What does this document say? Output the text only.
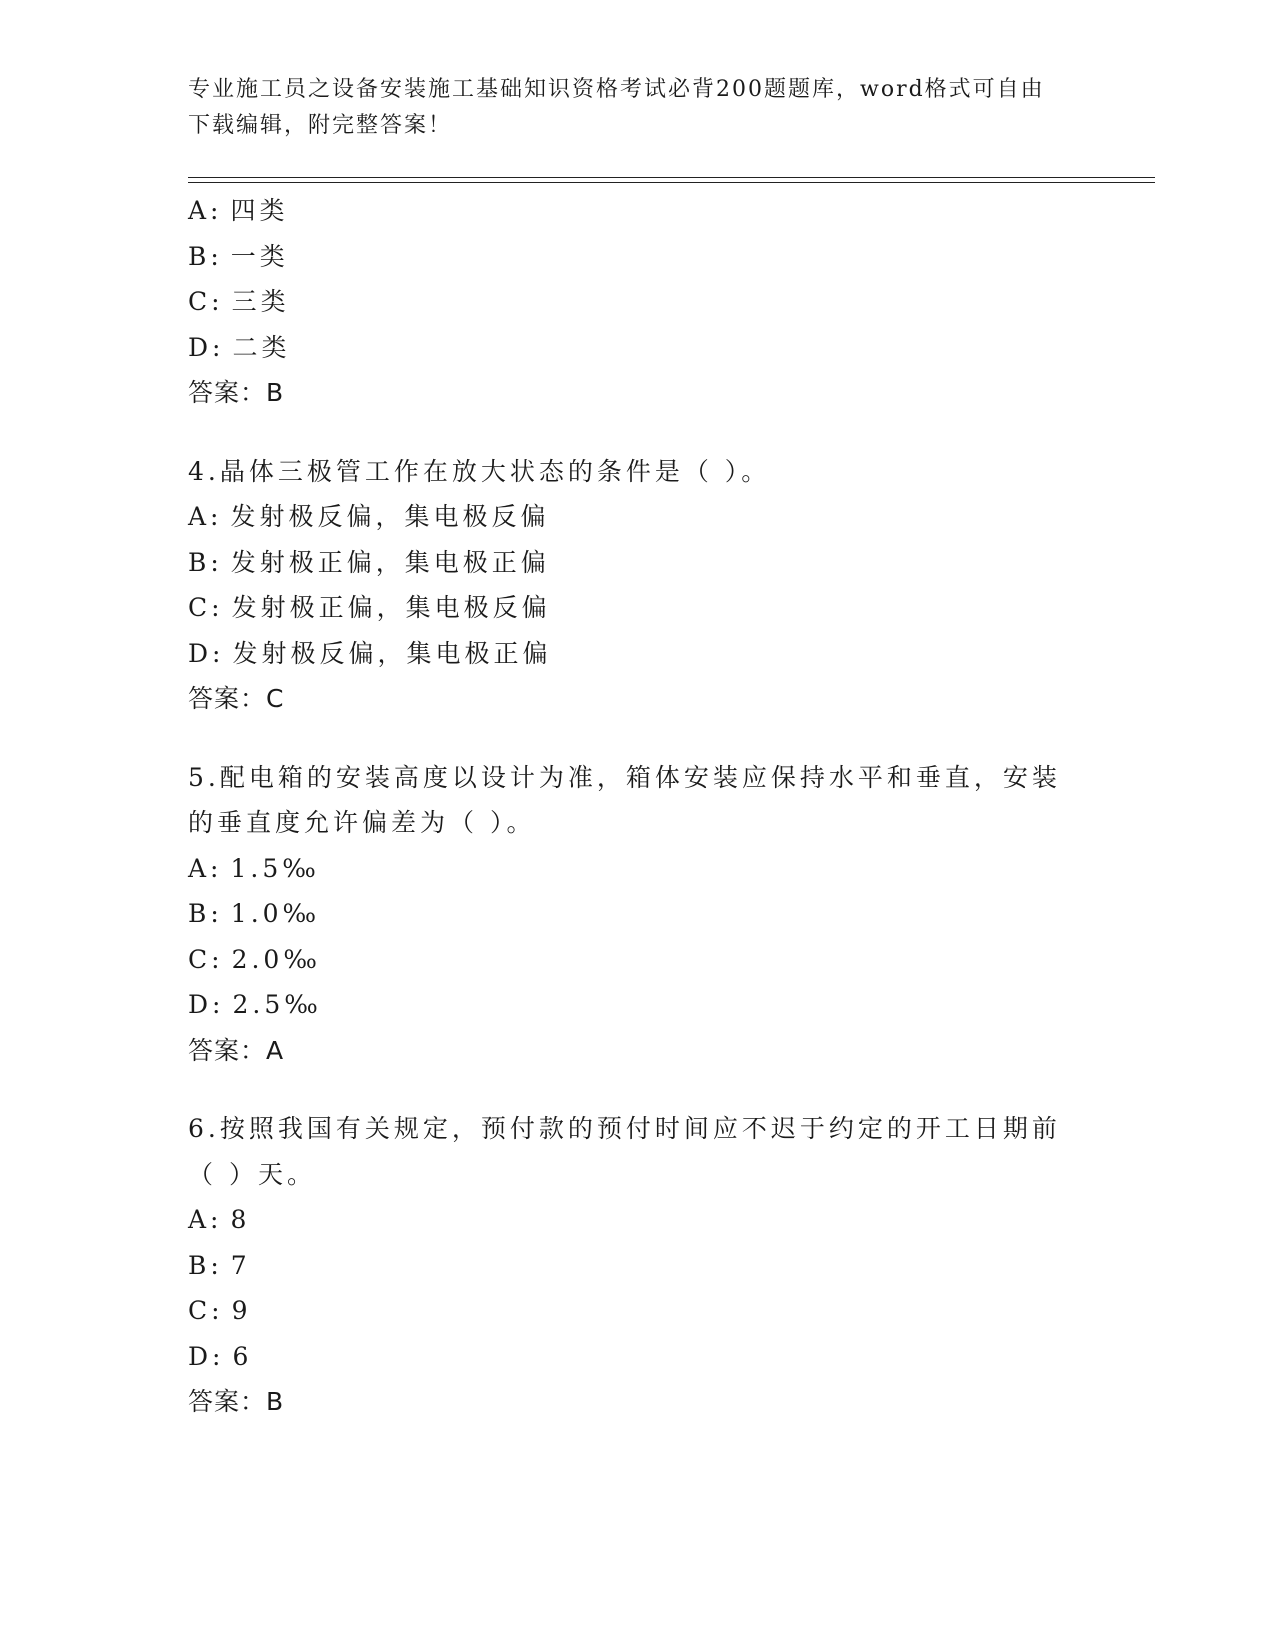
专业施工员之设备安装施工基础知识资格考试必背200题题库，word格式可自由下载编辑，附完整答案！
A: 四类
B: 一类
C: 三类
D: 二类
答案：B
4.晶体三极管工作在放大状态的条件是（ ）。
A: 发射极反偏，集电极反偏
B: 发射极正偏，集电极正偏
C: 发射极正偏，集电极反偏
D: 发射极反偏，集电极正偏
答案：C
5.配电箱的安装高度以设计为准，箱体安装应保持水平和垂直，安装的垂直度允许偏差为（ ）。
A: 1.5‰
B: 1.0‰
C: 2.0‰
D: 2.5‰
答案：A
6.按照我国有关规定，预付款的预付时间应不迟于约定的开工日期前（ ）天。
A: 8
B: 7
C: 9
D: 6
答案：B
